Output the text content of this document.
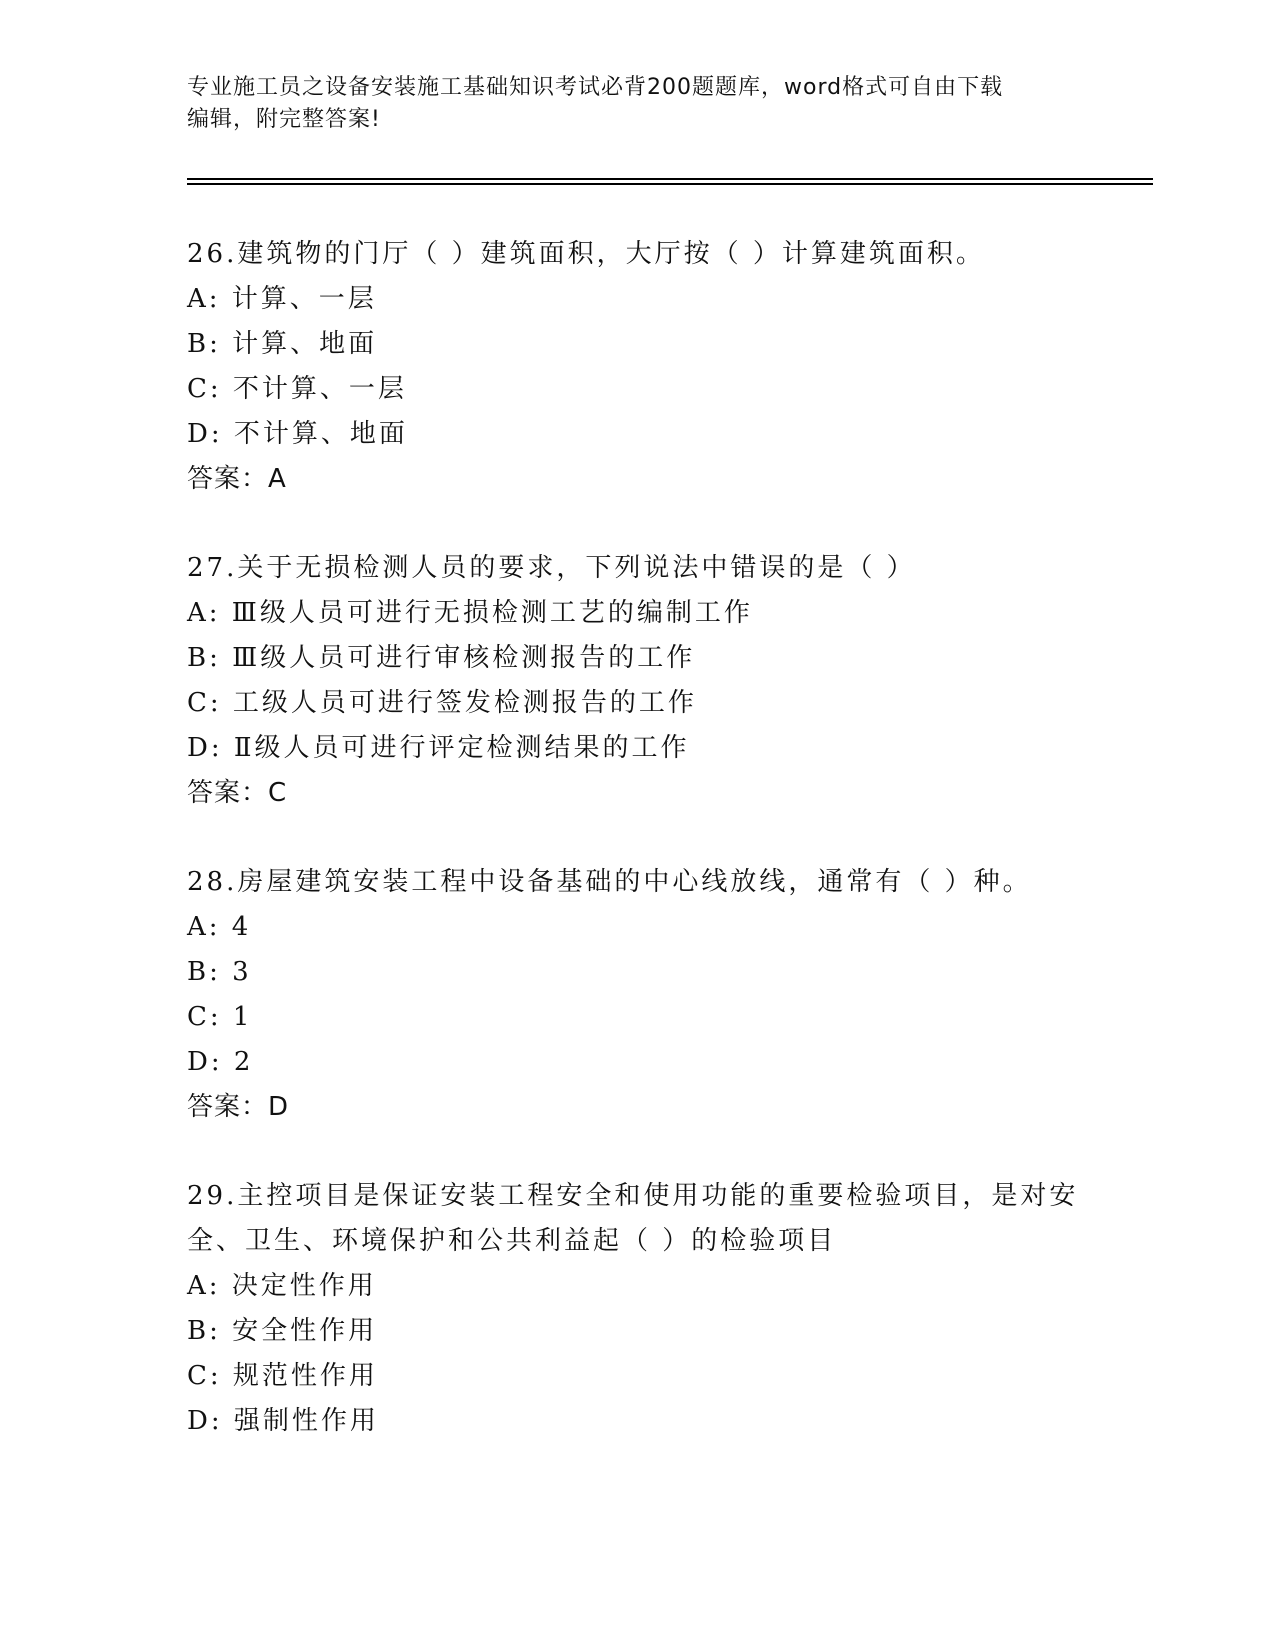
专业施工员之设备安装施工基础知识考试必背200题题库，word格式可自由下载
编辑，附完整答案!
26.建筑物的门厅（ ）建筑面积，大厅按（ ）计算建筑面积。
A: 计算、一层
B: 计算、地面
C: 不计算、一层
D: 不计算、地面
答案：A
27.关于无损检测人员的要求，下列说法中错误的是（ ）
A: Ⅲ级人员可进行无损检测工艺的编制工作
B: Ⅲ级人员可进行审核检测报告的工作
C: 工级人员可进行签发检测报告的工作
D: Ⅱ级人员可进行评定检测结果的工作
答案：C
28.房屋建筑安装工程中设备基础的中心线放线，通常有（ ）种。
A: 4
B: 3
C: 1
D: 2
答案：D
29.主控项目是保证安装工程安全和使用功能的重要检验项目，是对安
全、卫生、环境保护和公共利益起（ ）的检验项目
A: 决定性作用
B: 安全性作用
C: 规范性作用
D: 强制性作用
